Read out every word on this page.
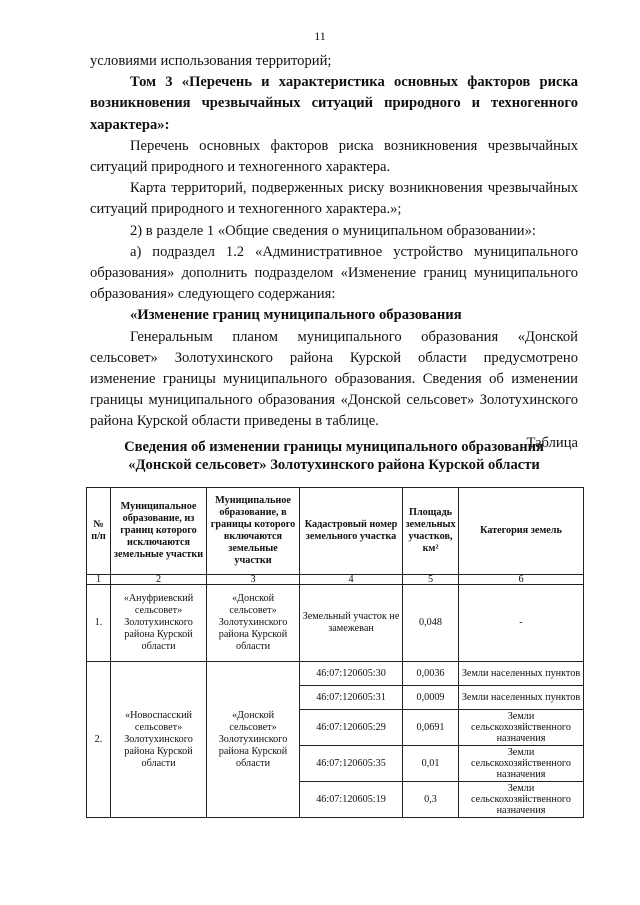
11

условиями использования территорий;

Том 3 «Перечень и характеристика основных факторов риска возникновения чрезвычайных ситуаций природного и техногенного характера»:

Перечень основных факторов риска возникновения чрезвычайных ситуаций природного и техногенного характера.

Карта территорий, подверженных риску возникновения чрезвычайных ситуаций природного и техногенного характера.»;

2) в разделе 1 «Общие сведения о муниципальном образовании»:

а) подраздел 1.2 «Административное устройство муниципального образования» дополнить подразделом «Изменение границ муниципального образования» следующего содержания:

«Изменение границ муниципального образования

Генеральным планом муниципального образования «Донской сельсовет» Золотухинского района Курской области предусмотрено изменение границы муниципального образования. Сведения об изменении границы муниципального образования «Донской сельсовет» Золотухинского района Курской области приведены в таблице.

Таблица

Сведения об изменении границы муниципального образования
«Донской сельсовет» Золотухинского района Курской области
№ п/п	Муниципальное образование, из границ которого исключаются земельные участки	Муниципальное образование, в границы которого включаются земельные участки	Кадастровый номер земельного участка	Площадь земельных участков, км²	Категория земель
1	2	3	4	5	6
1.	«Ануфриевский сельсовет» Золотухинского района Курской области	«Донской сельсовет» Золотухинского района Курской области	Земельный участок не замежеван	0,048	-
2.	«Новоспасский сельсовет» Золотухинского района Курской области	«Донской сельсовет» Золотухинского района Курской области	46:07:120605:30	0,0036	Земли населенных пунктов
			46:07:120605:31	0,0009	Земли населенных пунктов
			46:07:120605:29	0,0691	Земли сельскохозяйственного назначения
			46:07:120605:35	0,01	Земли сельскохозяйственного назначения
			46:07:120605:19	0,3	Земли сельскохозяйственного назначения
